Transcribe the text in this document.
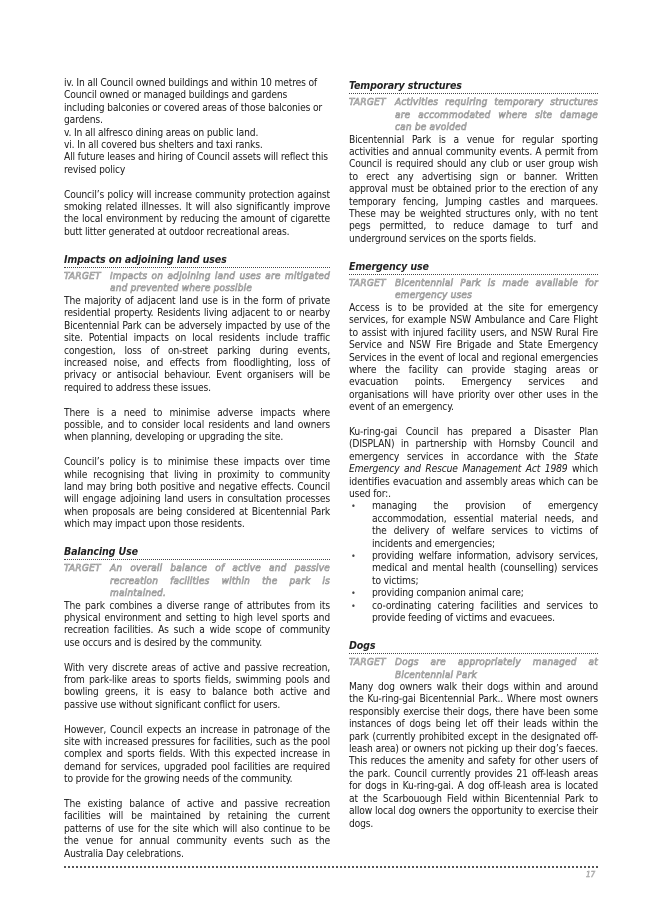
iv. In all Council owned buildings and within 10 metres of Council owned or managed buildings and gardens including balconies or covered areas of those balconies or gardens.

v. In all alfresco dining areas on public land.

vi. In all covered bus shelters and taxi ranks.

All future leases and hiring of Council assets will reflect this revised policy

Council’s policy will increase community protection against smoking related illnesses. It will also significantly improve the local environment by reducing the amount of cigarette butt litter generated at outdoor recreational areas.

Impacts on adjoining land uses
TARGET Impacts on adjoining land uses are mitigated and prevented where possible

The majority of adjacent land use is in the form of private residential property. Residents living adjacent to or nearby Bicentennial Park can be adversely impacted by use of the site. Potential impacts on local residents include traffic congestion, loss of on-street parking during events, increased noise, and effects from floodlighting, loss of privacy or antisocial behaviour. Event organisers will be required to address these issues.

There is a need to minimise adverse impacts where possible, and to consider local residents and land owners when planning, developing or upgrading the site.

Council’s policy is to minimise these impacts over time while recognising that living in proximity to community land may bring both positive and negative effects. Council will engage adjoining land users in consultation processes when proposals are being considered at Bicentennial Park which may impact upon those residents.

Balancing Use
TARGET An overall balance of active and passive recreation facilities within the park is maintained.

The park combines a diverse range of attributes from its physical environment and setting to high level sports and recreation facilities. As such a wide scope of community use occurs and is desired by the community.

With very discrete areas of active and passive recreation, from park-like areas to sports fields, swimming pools and bowling greens, it is easy to balance both active and passive use without significant conflict for users.

However, Council expects an increase in patronage of the site with increased pressures for facilities, such as the pool complex and sports fields. With this expected increase in demand for services, upgraded pool facilities are required to provide for the growing needs of the community.

The existing balance of active and passive recreation facilities will be maintained by retaining the current patterns of use for the site which will also continue to be the venue for annual community events such as the Australia Day celebrations.

Temporary structures
TARGET Activities requiring temporary structures are accommodated where site damage can be avoided

Bicentennial Park is a venue for regular sporting activities and annual community events. A permit from Council is required should any club or user group wish to erect any advertising sign or banner. Written approval must be obtained prior to the erection of any temporary fencing, Jumping castles and marquees. These may be weighted structures only, with no tent pegs permitted, to reduce damage to turf and underground services on the sports fields.

Emergency use
TARGET Bicentennial Park is made available for emergency uses

Access is to be provided at the site for emergency services, for example NSW Ambulance and Care Flight to assist with injured facility users, and NSW Rural Fire Service and NSW Fire Brigade and State Emergency Services in the event of local and regional emergencies where the facility can provide staging areas or evacuation points. Emergency services and organisations will have priority over other uses in the event of an emergency.

Ku-ring-gai Council has prepared a Disaster Plan (DISPLAN) in partnership with Hornsby Council and emergency services in accordance with the State Emergency and Rescue Management Act 1989 which identifies evacuation and assembly areas which can be used for:.

• managing the provision of emergency accommodation, essential material needs, and the delivery of welfare services to victims of incidents and emergencies;
• providing welfare information, advisory services, medical and mental health (counselling) services to victims;
• providing companion animal care;
• co-ordinating catering facilities and services to provide feeding of victims and evacuees.
Dogs
TARGET Dogs are appropriately managed at Bicentennial Park

Many dog owners walk their dogs within and around the Ku-ring-gai Bicentennial Park.. Where most owners responsibly exercise their dogs, there have been some instances of dogs being let off their leads within the park (currently prohibited except in the designated off-leash area) or owners not picking up their dog’s faeces. This reduces the amenity and safety for other users of the park. Council currently provides 21 off-leash areas for dogs in Ku-ring-gai. A dog off-leash area is located at the Scarbouough Field within Bicentennial Park to allow local dog owners the opportunity to exercise their dogs.

17
